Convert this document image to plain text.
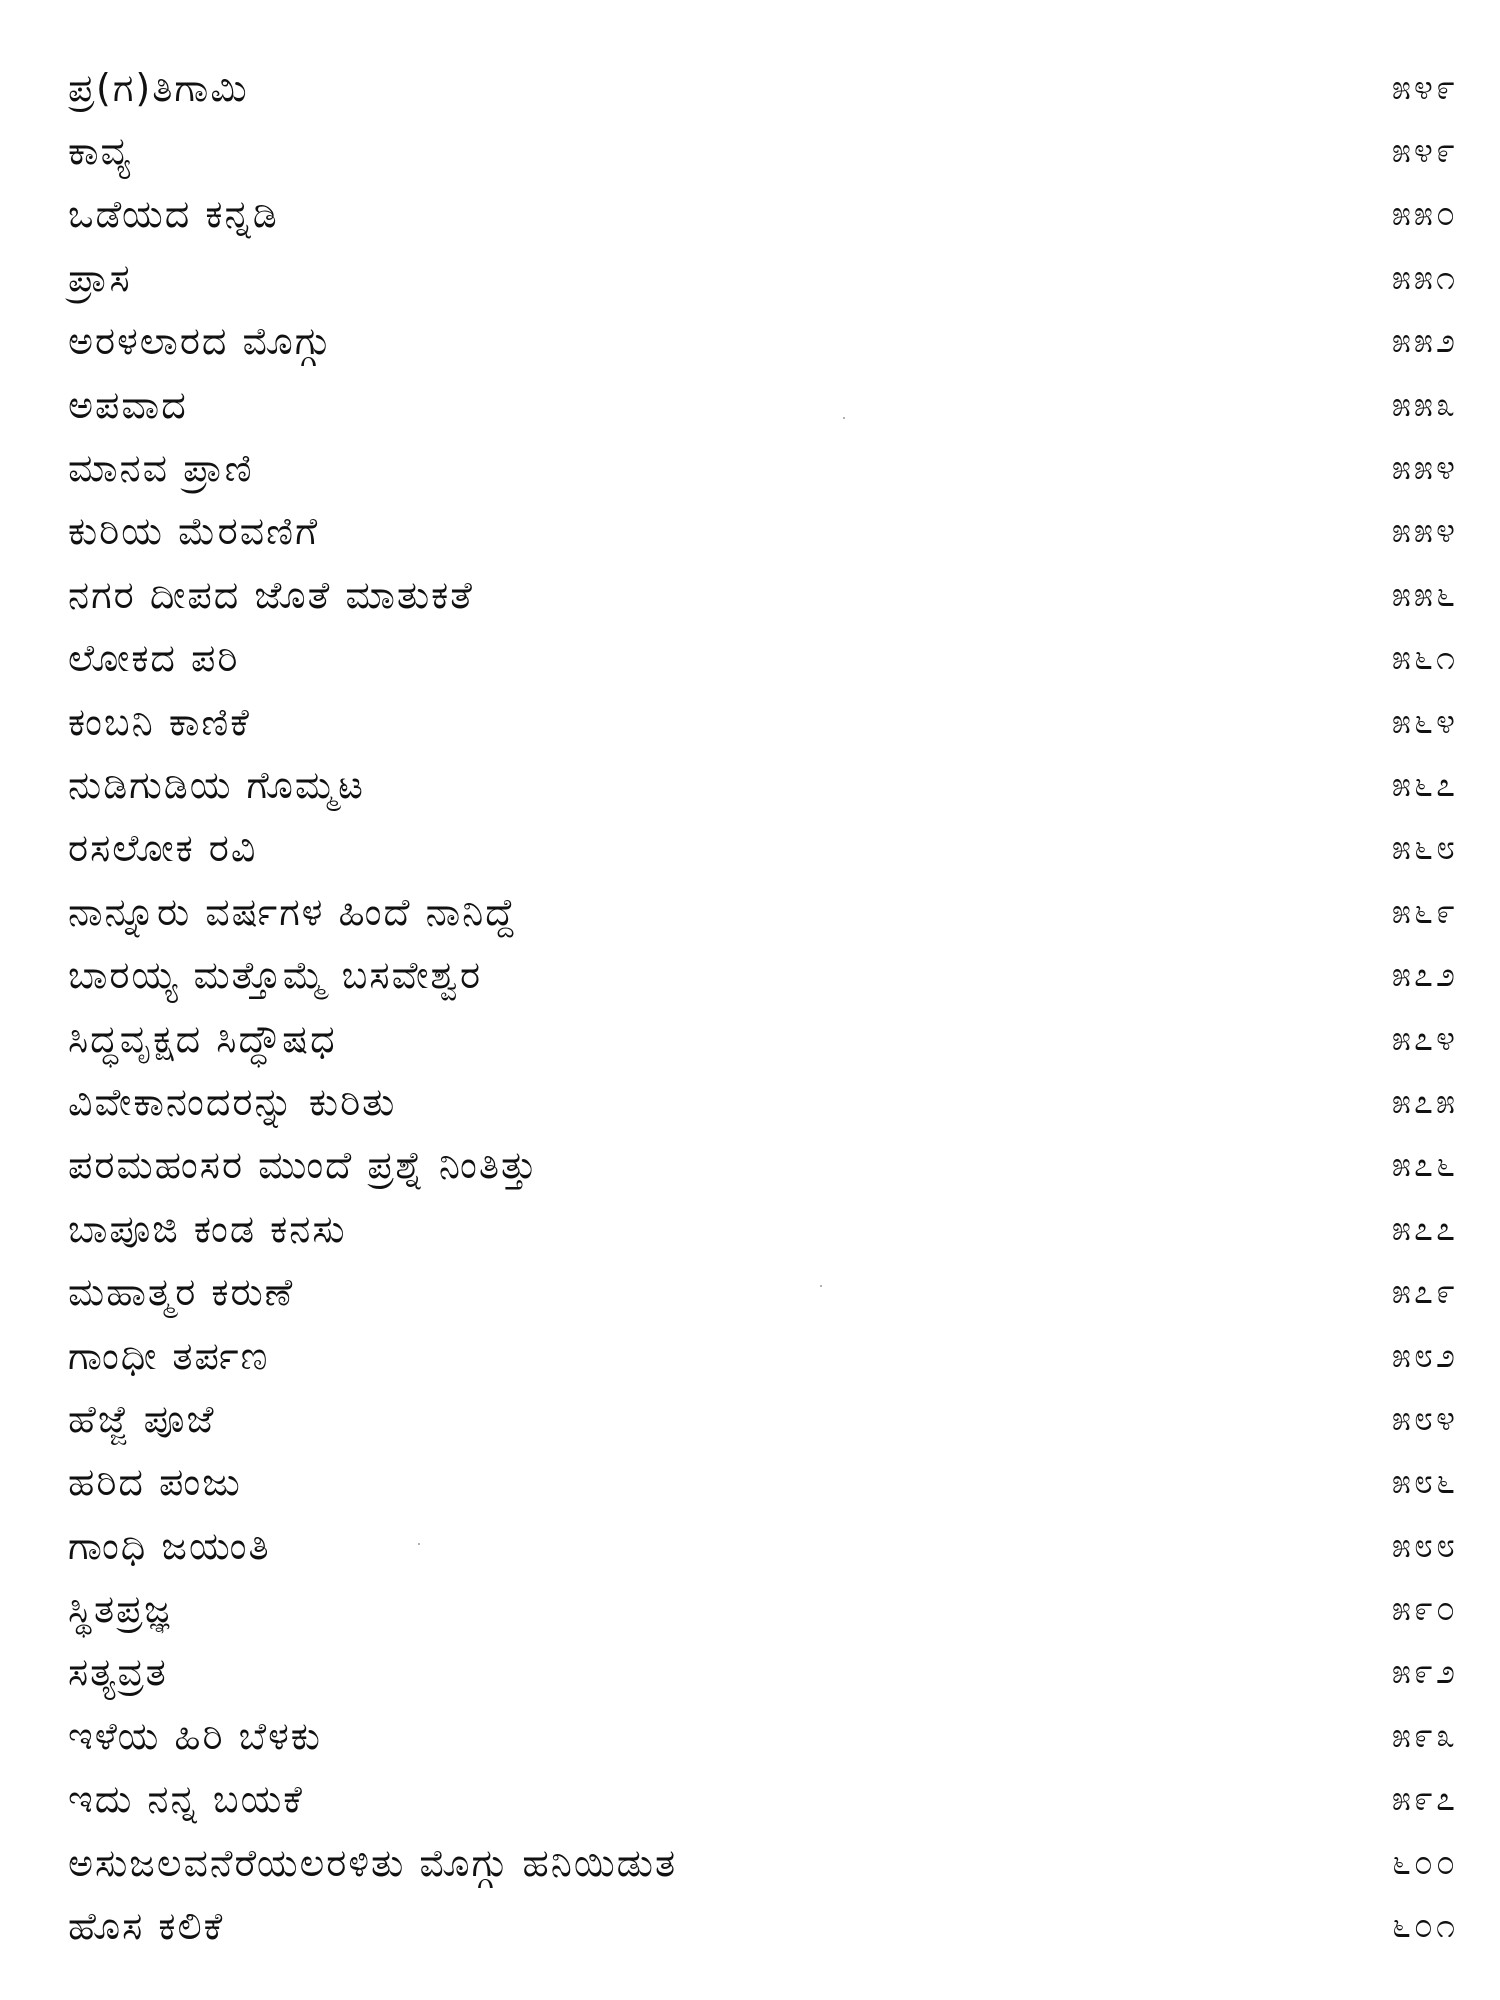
ಪ್ರ(ಗ)ತಿಗಾಮಿ	೫೪೯
ಕಾವ್ಯ	೫೪೯
ಒಡೆಯದ ಕನ್ನಡಿ	೫೫೦
ಪ್ರಾಸ	೫೫೧
ಅರಳಲಾರದ ಮೊಗ್ಗು	೫೫೨
ಅಪವಾದ	೫೫೩
ಮಾನವ ಪ್ರಾಣಿ	೫೫೪
ಕುರಿಯ ಮೆರವಣಿಗೆ	೫೫೪
ನಗರ ದೀಪದ ಜೊತೆ ಮಾತುಕತೆ	೫೫೬
ಲೋಕದ ಪರಿ	೫೬೧
ಕಂಬನಿ ಕಾಣಿಕೆ	೫೬೪
ನುಡಿಗುಡಿಯ ಗೊಮ್ಮಟ	೫೬೭
ರಸಲೋಕ ರವಿ	೫೬೮
ನಾನ್ನೂರು ವರ್ಷಗಳ ಹಿಂದೆ ನಾನಿದ್ದೆ	೫೬೯
ಬಾರಯ್ಯ ಮತ್ತೊಮ್ಮೆ ಬಸವೇಶ್ವರ	೫೭೨
ಸಿದ್ಧವೃಕ್ಷದ ಸಿದ್ಧೌಷಧ	೫೭೪
ವಿವೇಕಾನಂದರನ್ನು ಕುರಿತು	೫೭೫
ಪರಮಹಂಸರ ಮುಂದೆ ಪ್ರಶ್ನೆ ನಿಂತಿತ್ತು	೫೭೬
ಬಾಪೂಜಿ ಕಂಡ ಕನಸು	೫೭೭
ಮಹಾತ್ಮರ ಕರುಣೆ	೫೭೯
ಗಾಂಧೀ ತರ್ಪಣ	೫೮೨
ಹೆಜ್ಜೆ ಪೂಜೆ	೫೮೪
ಹರಿದ ಪಂಜು	೫೮೬
ಗಾಂಧಿ ಜಯಂತಿ	೫೮೮
ಸ್ಥಿತಪ್ರಜ್ಞ	೫೯೦
ಸತ್ಯವ್ರತ	೫೯೨
ಇಳೆಯ ಹಿರಿ ಬೆಳಕು	೫೯೩
ಇದು ನನ್ನ ಬಯಕೆ	೫೯೭
ಅಸುಜಲವನೆರೆಯಲರಳಿತು ಮೊಗ್ಗು ಹನಿಯಿಡುತ	೬೦೦
ಹೊಸ ಕಲಿಕೆ	೬೦೧
